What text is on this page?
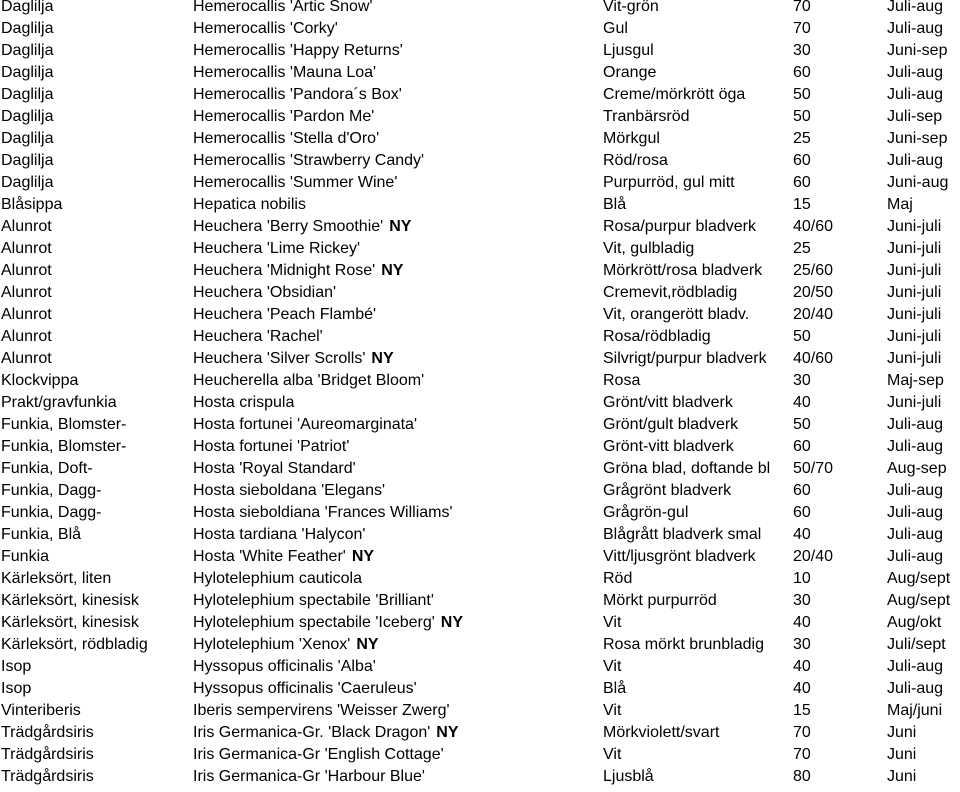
Daglilja	Hemerocallis 'Artic Snow'	Vit-grön	70	Juli-aug
Daglilja	Hemerocallis 'Corky'	Gul	70	Juli-aug
Daglilja	Hemerocallis 'Happy Returns'	Ljusgul	30	Juni-sep
Daglilja	Hemerocallis 'Mauna Loa'	Orange	60	Juli-aug
Daglilja	Hemerocallis 'Pandora´s Box'	Creme/mörkrött öga	50	Juli-aug
Daglilja	Hemerocallis 'Pardon Me'	Tranbärsröd	50	Juli-sep
Daglilja	Hemerocallis 'Stella d'Oro'	Mörkgul	25	Juni-sep
Daglilja	Hemerocallis 'Strawberry Candy'	Röd/rosa	60	Juli-aug
Daglilja	Hemerocallis 'Summer Wine'	Purpurröd, gul mitt	60	Juni-aug
Blåsippa	Hepatica nobilis	Blå	15	Maj
Alunrot	Heuchera 'Berry Smoothie' NY	Rosa/purpur bladverk	40/60	Juni-juli
Alunrot	Heuchera 'Lime Rickey'	Vit, gulbladig	25	Juni-juli
Alunrot	Heuchera 'Midnight Rose' NY	Mörkrött/rosa bladverk	25/60	Juni-juli
Alunrot	Heuchera 'Obsidian'	Cremevit,rödbladig	20/50	Juni-juli
Alunrot	Heuchera 'Peach Flambé'	Vit, orangerött bladv.	20/40	Juni-juli
Alunrot	Heuchera 'Rachel'	Rosa/rödbladig	50	Juni-juli
Alunrot	Heuchera 'Silver Scrolls' NY	Silvrigt/purpur bladverk	40/60	Juni-juli
Klockvippa	Heucherella alba 'Bridget Bloom'	Rosa	30	Maj-sep
Prakt/gravfunkia	Hosta crispula	Grönt/vitt bladverk	40	Juni-juli
Funkia, Blomster-	Hosta fortunei 'Aureomarginata'	Grönt/gult bladverk	50	Juli-aug
Funkia, Blomster-	Hosta fortunei 'Patriot'	Grönt-vitt bladverk	60	Juli-aug
Funkia, Doft-	Hosta 'Royal Standard'	Gröna blad, doftande bl	50/70	Aug-sep
Funkia, Dagg-	Hosta sieboldana 'Elegans'	Grågrönt bladverk	60	Juli-aug
Funkia, Dagg-	Hosta sieboldiana 'Frances Williams'	Grågrön-gul	60	Juli-aug
Funkia, Blå	Hosta tardiana 'Halycon'	Blågrått bladverk smal	40	Juli-aug
Funkia	Hosta 'White Feather' NY	Vitt/ljusgrönt bladverk	20/40	Juli-aug
Kärleksört, liten	Hylotelephium cauticola	Röd	10	Aug/sept
Kärleksört, kinesisk	Hylotelephium spectabile 'Brilliant'	Mörkt purpurröd	30	Aug/sept
Kärleksört, kinesisk	Hylotelephium spectabile 'Iceberg' NY	Vit	40	Aug/okt
Kärleksört, rödbladig	Hylotelephium 'Xenox' NY	Rosa mörkt brunbladig	30	Juli/sept
Isop	Hyssopus officinalis 'Alba'	Vit	40	Juli-aug
Isop	Hyssopus officinalis 'Caeruleus'	Blå	40	Juli-aug
Vinteriberis	Iberis sempervirens 'Weisser Zwerg'	Vit	15	Maj/juni
Trädgårdsiris	Iris Germanica-Gr. 'Black Dragon' NY	Mörkviolett/svart	70	Juni
Trädgårdsiris	Iris Germanica-Gr 'English Cottage'	Vit	70	Juni
Trädgårdsiris	Iris Germanica-Gr 'Harbour Blue'	Ljusblå	80	Juni
